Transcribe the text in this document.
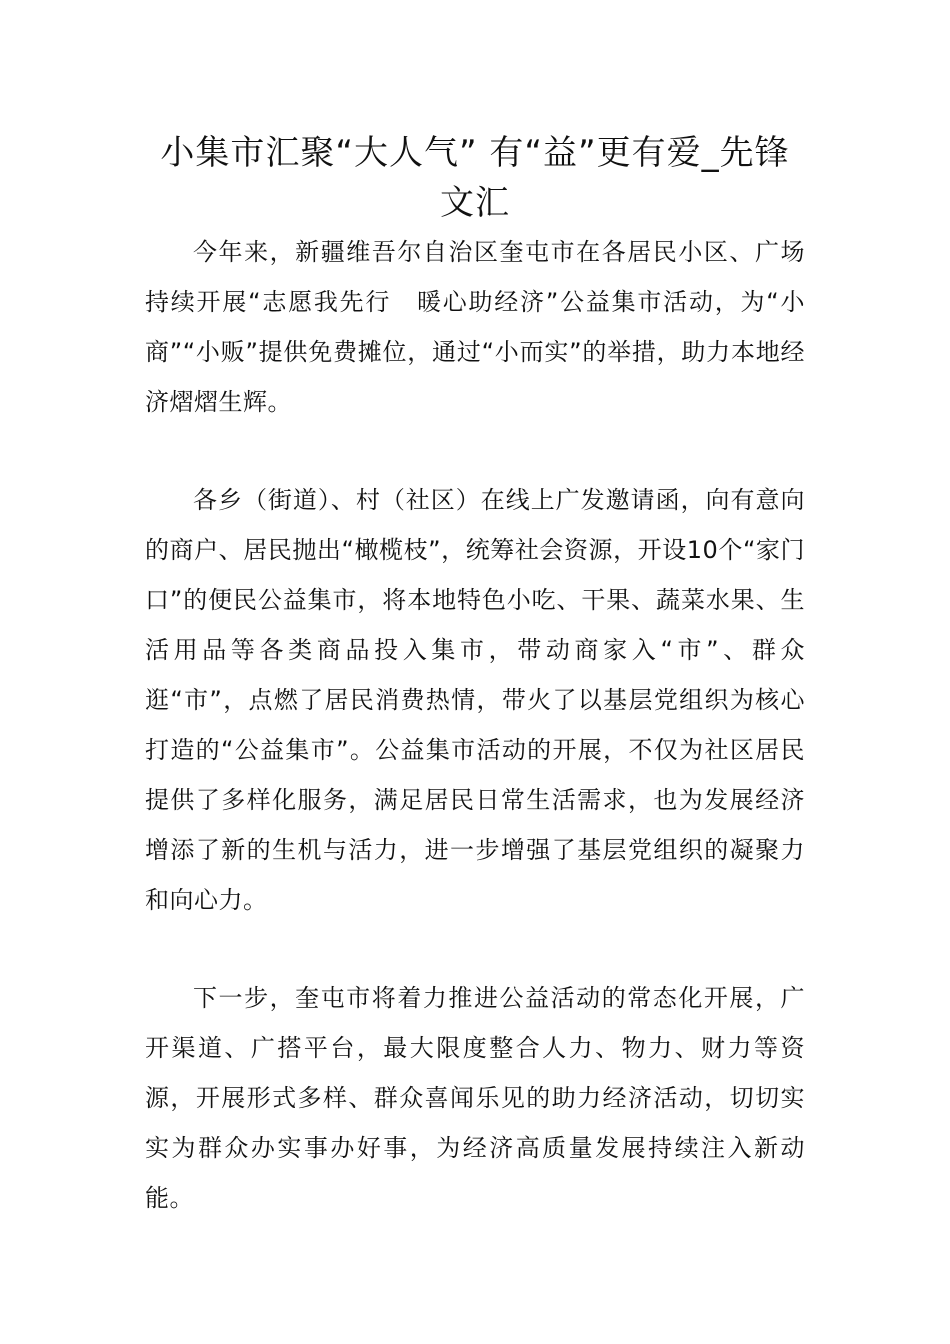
小集市汇聚“大人气” 有“益”更有爱_先锋文汇

今年来，新疆维吾尔自治区奎屯市在各居民小区、广场持续开展“志愿我先行　暖心助经济”公益集市活动，为“小商”“小贩”提供免费摊位，通过“小而实”的举措，助力本地经济熠熠生辉。

各乡（街道）、村（社区）在线上广发邀请函，向有意向的商户、居民抛出“橄榄枝”，统筹社会资源，开设10个“家门口”的便民公益集市，将本地特色小吃、干果、蔬菜水果、生活用品等各类商品投入集市，带动商家入“市”、群众逛“市”，点燃了居民消费热情，带火了以基层党组织为核心打造的“公益集市”。公益集市活动的开展，不仅为社区居民提供了多样化服务，满足居民日常生活需求，也为发展经济增添了新的生机与活力，进一步增强了基层党组织的凝聚力和向心力。

下一步，奎屯市将着力推进公益活动的常态化开展，广开渠道、广搭平台，最大限度整合人力、物力、财力等资源，开展形式多样、群众喜闻乐见的助力经济活动，切切实实为群众办实事办好事，为经济高质量发展持续注入新动能。
